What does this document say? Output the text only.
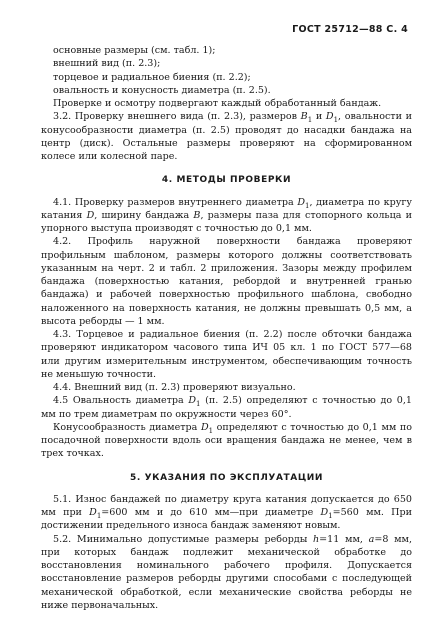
ГОСТ 25712—88 С. 4

основные размеры (см. табл. 1);

внешний вид (п. 2.3);

торцевое и радиальное биения (п. 2.2);

овальность и конусность диаметра (п. 2.5).

Проверке и осмотру подвергают каждый обработанный бандаж.

3.2. Проверку внешнего вида (п. 2.3), размеров $B_1$ и $D_1$, овальности и конусообразности диаметра (п. 2.5) проводят до насадки бандажа на центр (диск). Остальные размеры проверяют на сформированном колесе или колесной паре.

4. МЕТОДЫ ПРОВЕРКИ

4.1. Проверку размеров внутреннего диаметра $D_1$, диаметра по кругу катания D, ширину бандажа B, размеры паза для стопорного кольца и упорного выступа производят с точностью до 0,1 мм.

4.2. Профиль наружной поверхности бандажа проверяют профильным шаблоном, размеры которого должны соответствовать указанным на черт. 2 и табл. 2 приложения. Зазоры между профилем бандажа (поверхностью катания, ребордой и внутренней гранью бандажа) и рабочей поверхностью профильного шаблона, свободно наложенного на поверхность катания, не должны превышать 0,5 мм, а высота реборды — 1 мм.

4.3. Торцевое и радиальное биения (п. 2.2) после обточки бандажа проверяют индикатором часового типа ИЧ 05 кл. 1 по ГОСТ 577—68 или другим измерительным инструментом, обеспечивающим точность не меньшую точности.

4.4. Внешний вид (п. 2.3) проверяют визуально.

4.5 Овальность диаметра $D_1$ (п. 2.5) определяют с точностью до 0,1 мм по трем диаметрам по окружности через 60°.

Конусообразность диаметра $D_1$ определяют с точностью до 0,1 мм по посадочной поверхности вдоль оси вращения бандажа не менее, чем в трех точках.

5. УКАЗАНИЯ ПО ЭКСПЛУАТАЦИИ

5.1. Износ бандажей по диаметру круга катания допускается до 650 мм при $D_1=600$ мм и до 610 мм—при диаметре $D_1=560$ мм. При достижении предельного износа бандаж заменяют новым.

5.2. Минимально допустимые размеры реборды h=11 мм, a=8 мм, при которых бандаж подлежит механической обработке до восстановления номинального рабочего профиля. Допускается восстановление размеров реборды другими способами с последующей механической обработкой, если механические свойства реборды не ниже первоначальных.
